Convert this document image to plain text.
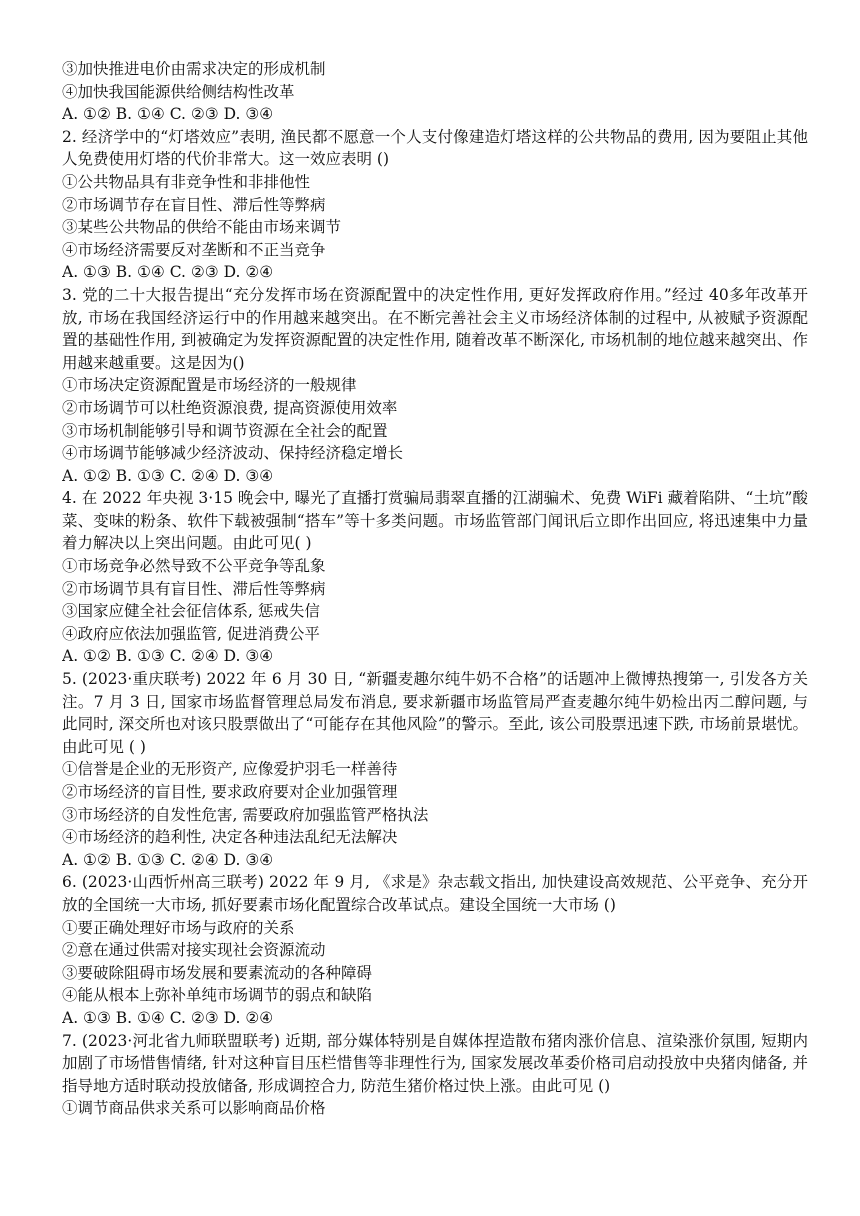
③加快推进电价由需求决定的形成机制
④加快我国能源供给侧结构性改革
A. ①② B. ①④ C. ②③ D. ③④
2. 经济学中的“灯塔效应”表明, 渔民都不愿意一个人支付像建造灯塔这样的公共物品的费用, 因为要阻止其他人免费使用灯塔的代价非常大。这一效应表明 ()
①公共物品具有非竞争性和非排他性
②市场调节存在盲目性、滞后性等弊病
③某些公共物品的供给不能由市场来调节
④市场经济需要反对垄断和不正当竞争
A. ①③ B. ①④ C. ②③ D. ②④
3. 党的二十大报告提出“充分发挥市场在资源配置中的决定性作用, 更好发挥政府作用。”经过 40多年改革开放, 市场在我国经济运行中的作用越来越突出。在不断完善社会主义市场经济体制的过程中, 从被赋予资源配置的基础性作用, 到被确定为发挥资源配置的决定性作用, 随着改革不断深化, 市场机制的地位越来越突出、作用越来越重要。这是因为()
①市场决定资源配置是市场经济的一般规律
②市场调节可以杜绝资源浪费, 提高资源使用效率
③市场机制能够引导和调节资源在全社会的配置
④市场调节能够减少经济波动、保持经济稳定增长
A. ①② B. ①③ C. ②④ D. ③④
4. 在 2022 年央视 3·15 晚会中, 曝光了直播打赏骗局翡翠直播的江湖骗术、免费 WiFi 藏着陷阱、“土坑”酸菜、变味的粉条、软件下载被强制“搭车”等十多类问题。市场监管部门闻讯后立即作出回应, 将迅速集中力量着力解决以上突出问题。由此可见( )
①市场竞争必然导致不公平竞争等乱象
②市场调节具有盲目性、滞后性等弊病
③国家应健全社会征信体系, 惩戒失信
④政府应依法加强监管, 促进消费公平
A. ①② B. ①③ C. ②④ D. ③④
5. (2023·重庆联考) 2022 年 6 月 30 日, “新疆麦趣尔纯牛奶不合格”的话题冲上微博热搜第一, 引发各方关注。7 月 3 日, 国家市场监督管理总局发布消息, 要求新疆市场监管局严查麦趣尔纯牛奶检出丙二醇问题, 与此同时, 深交所也对该只股票做出了“可能存在其他风险”的警示。至此, 该公司股票迅速下跌, 市场前景堪忧。由此可见 ( )
①信誉是企业的无形资产, 应像爱护羽毛一样善待
②市场经济的盲目性, 要求政府要对企业加强管理
③市场经济的自发性危害, 需要政府加强监管严格执法
④市场经济的趋利性, 决定各种违法乱纪无法解决
A. ①② B. ①③ C. ②④ D. ③④
6. (2023·山西忻州高三联考) 2022 年 9 月, 《求是》杂志载文指出, 加快建设高效规范、公平竞争、充分开放的全国统一大市场, 抓好要素市场化配置综合改革试点。建设全国统一大市场 ()
①要正确处理好市场与政府的关系
②意在通过供需对接实现社会资源流动
③要破除阻碍市场发展和要素流动的各种障碍
④能从根本上弥补单纯市场调节的弱点和缺陷
A. ①③ B. ①④ C. ②③ D. ②④
7. (2023·河北省九师联盟联考) 近期, 部分媒体特别是自媒体捏造散布猪肉涨价信息、渲染涨价氛围, 短期内加剧了市场惜售情绪, 针对这种盲目压栏惜售等非理性行为, 国家发展改革委价格司启动投放中央猪肉储备, 并指导地方适时联动投放储备, 形成调控合力, 防范生猪价格过快上涨。由此可见 ()
①调节商品供求关系可以影响商品价格
